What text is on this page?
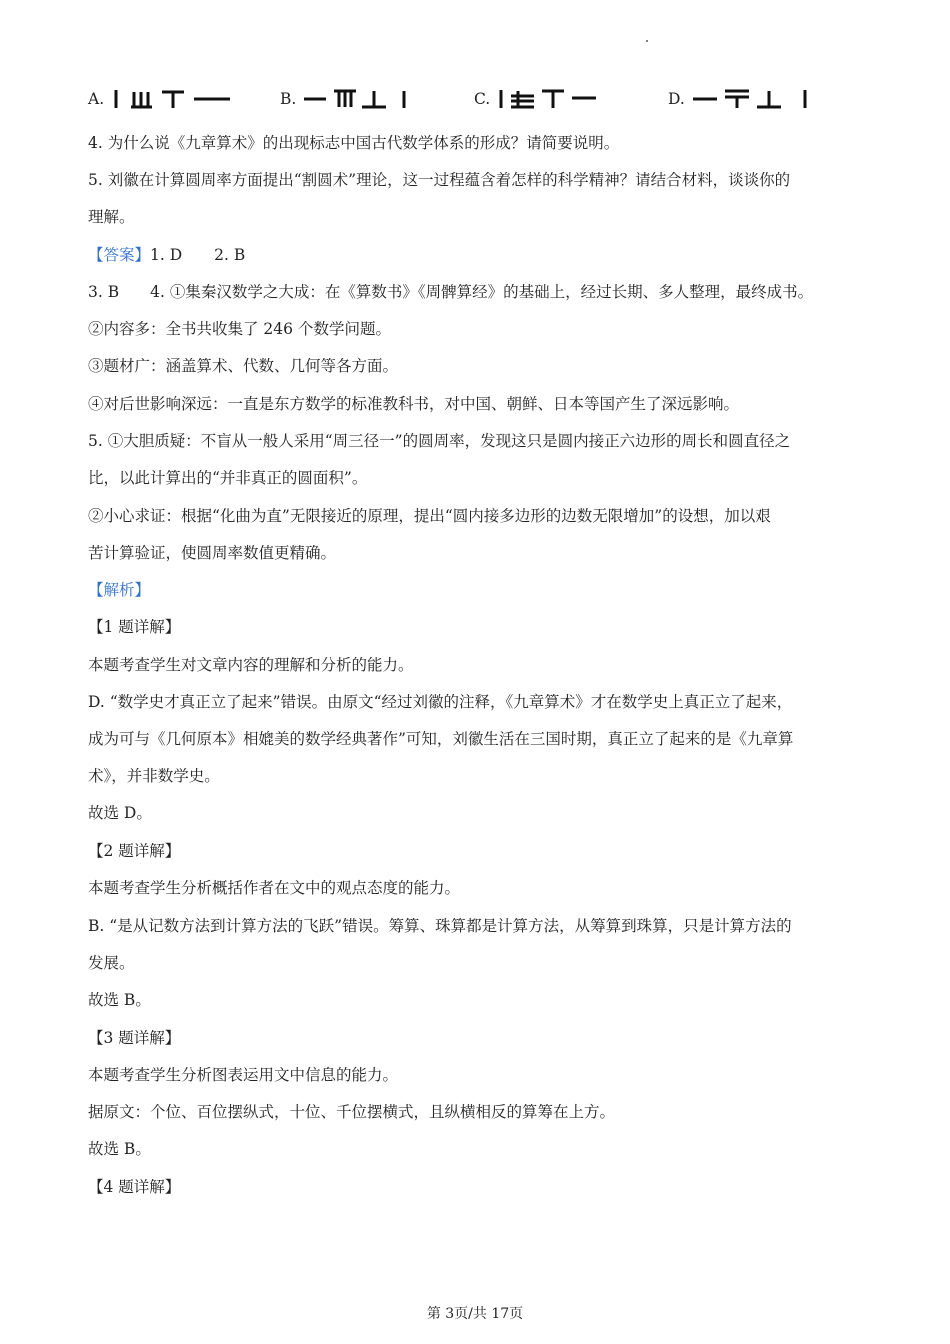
A.	B.	C.	D.
4. 为什么说《九章算术》的出现标志中国古代数学体系的形成？请简要说明。
5. 刘徽在计算圆周率方面提出“割圆术”理论，这一过程蕴含着怎样的科学精神？请结合材料，谈谈你的
理解。
【答案】1. D 2. B
3. B　　4. ①集秦汉数学之大成：在《算数书》《周髀算经》的基础上，经过长期、多人整理，最终成书。
②内容多：全书共收集了 246 个数学问题。
③题材广：涵盖算术、代数、几何等各方面。
④对后世影响深远：一直是东方数学的标准教科书，对中国、朝鲜、日本等国产生了深远影响。
5. ①大胆质疑：不盲从一般人采用“周三径一”的圆周率，发现这只是圆内接正六边形的周长和圆直径之
比，以此计算出的“并非真正的圆面积”。
②小心求证：根据“化曲为直”无限接近的原理，提出“圆内接多边形的边数无限增加”的设想，加以艰
苦计算验证，使圆周率数值更精确。
【解析】
【1 题详解】
本题考查学生对文章内容的理解和分析的能力。
D. “数学史才真正立了起来”错误。由原文“经过刘徽的注释，《九章算术》才在数学史上真正立了起来，
成为可与《几何原本》相媲美的数学经典著作”可知，刘徽生活在三国时期，真正立了起来的是《九章算
术》，并非数学史。
故选 D。
【2 题详解】
本题考查学生分析概括作者在文中的观点态度的能力。
B. “是从记数方法到计算方法的飞跃”错误。筹算、珠算都是计算方法，从筹算到珠算，只是计算方法的
发展。
故选 B。
【3 题详解】
本题考查学生分析图表运用文中信息的能力。
据原文：个位、百位摆纵式，十位、千位摆横式，且纵横相反的算筹在上方。
故选 B。
【4 题详解】
第 3页/共 17页
